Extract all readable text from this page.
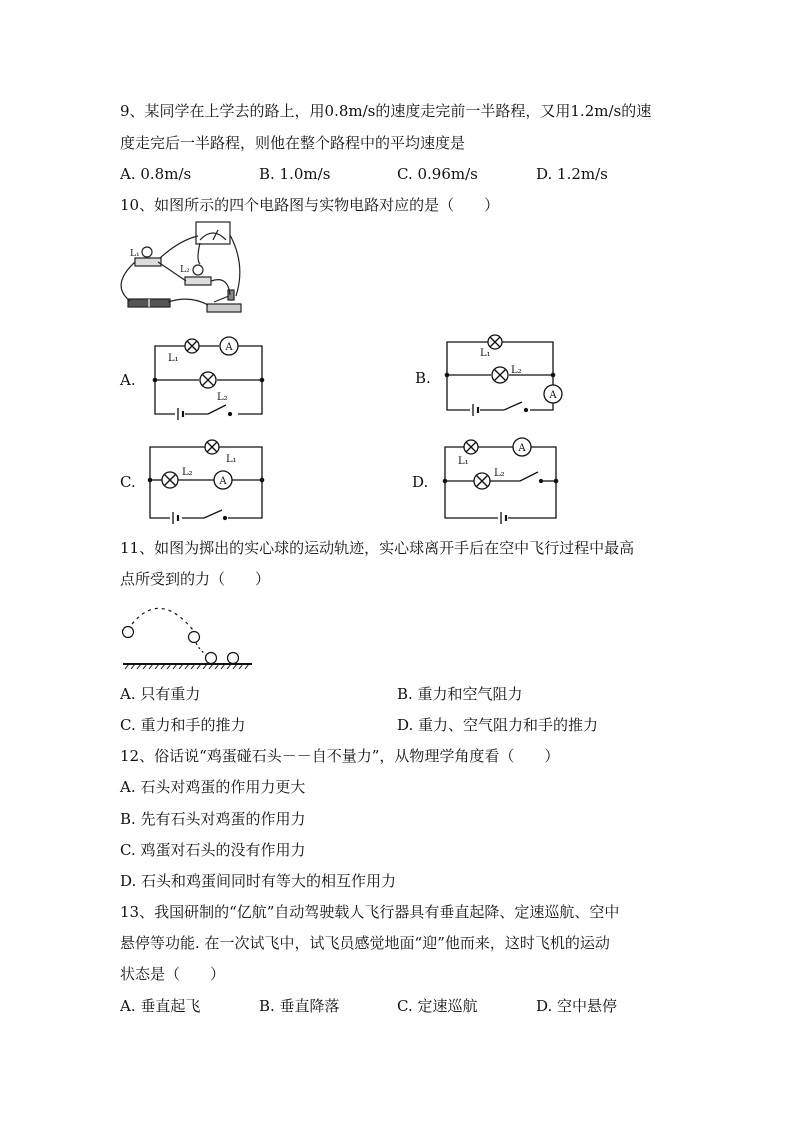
9、某同学在上学去的路上，用0.8m/s的速度走完前一半路程，又用1.2m/s的速
度走完后一半路程，则他在整个路程中的平均速度是
A. 0.8m/s	B. 1.0m/s	C. 0.96m/s	D. 1.2m/s
10、如图所示的四个电路图与实物电路对应的是（　　）
L₁
L₂
A.	B.
C.	D.
A
L₁
L₂	A
L₁
L₂
A
L₁
L₂
A
L₁
L₂
11、如图为掷出的实心球的运动轨迹，实心球离开手后在空中飞行过程中最高
点所受到的力（　　）
A. 只有重力	B. 重力和空气阻力
C. 重力和手的推力	D. 重力、空气阻力和手的推力
12、俗话说“鸡蛋碰石头－－自不量力”，从物理学角度看（　　）
A. 石头对鸡蛋的作用力更大
B. 先有石头对鸡蛋的作用力
C. 鸡蛋对石头的没有作用力
D. 石头和鸡蛋间同时有等大的相互作用力
13、我国研制的“亿航”自动驾驶载人飞行器具有垂直起降、定速巡航、空中
悬停等功能. 在一次试飞中，试飞员感觉地面“迎”他而来，这时飞机的运动
状态是（　　）
A. 垂直起飞	B. 垂直降落	C. 定速巡航	D. 空中悬停
